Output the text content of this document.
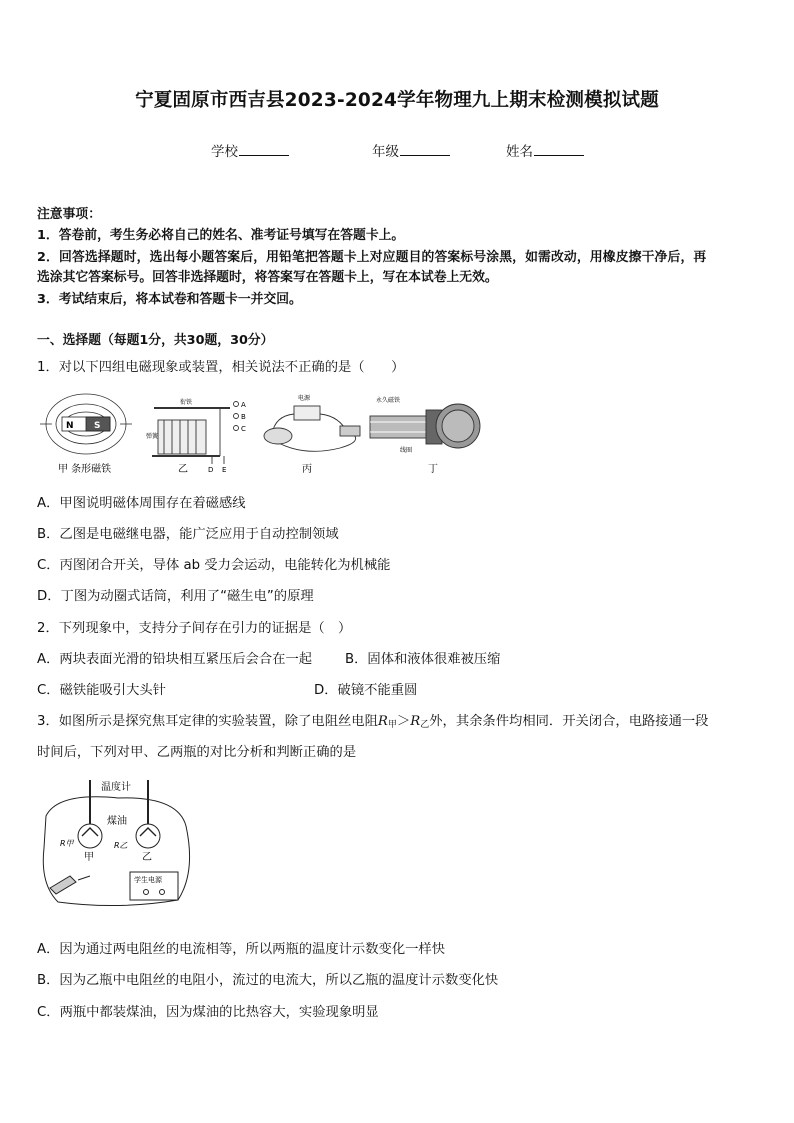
宁夏固原市西吉县2023-2024学年物理九上期末检测模拟试题
学校	年级	姓名
注意事项：
1．答卷前，考生务必将自己的姓名、准考证号填写在答题卡上。
2．回答选择题时，选出每小题答案后，用铅笔把答题卡上对应题目的答案标号涂黑，如需改动，用橡皮擦干净后，再
选涂其它答案标号。回答非选择题时，将答案写在答题卡上，写在本试卷上无效。
3．考试结束后，将本试卷和答题卡一并交回。
一、选择题（每题1分，共30题，30分）
1．对以下四组电磁现象或装置，相关说法不正确的是（　　）
N S
甲 条形磁铁
衔铁
弹簧
A
B
C
D E
乙
电源
丙
永久磁铁
线圈
丁
A．甲图说明磁体周围存在着磁感线
B．乙图是电磁继电器，能广泛应用于自动控制领域
C．丙图闭合开关，导体 ab 受力会运动，电能转化为机械能
D．丁图为动圈式话筒，利用了“磁生电”的原理
2．下列现象中，支持分子间存在引力的证据是（　）
A．两块表面光滑的铅块相互紧压后会合在一起 B．固体和液体很难被压缩
C．磁铁能吸引大头针	D．破镜不能重圆
3．如图所示是探究焦耳定律的实验装置，除了电阻丝电阻$R_甲>R_乙$外，其余条件均相同．开关闭合，电路接通一段
时间后，下列对甲、乙两瓶的对比分析和判断正确的是
温度计
煤油
甲	乙
R甲	R乙
学生电源
A．因为通过两电阻丝的电流相等，所以两瓶的温度计示数变化一样快
B．因为乙瓶中电阻丝的电阻小，流过的电流大，所以乙瓶的温度计示数变化快
C．两瓶中都装煤油，因为煤油的比热容大，实验现象明显
